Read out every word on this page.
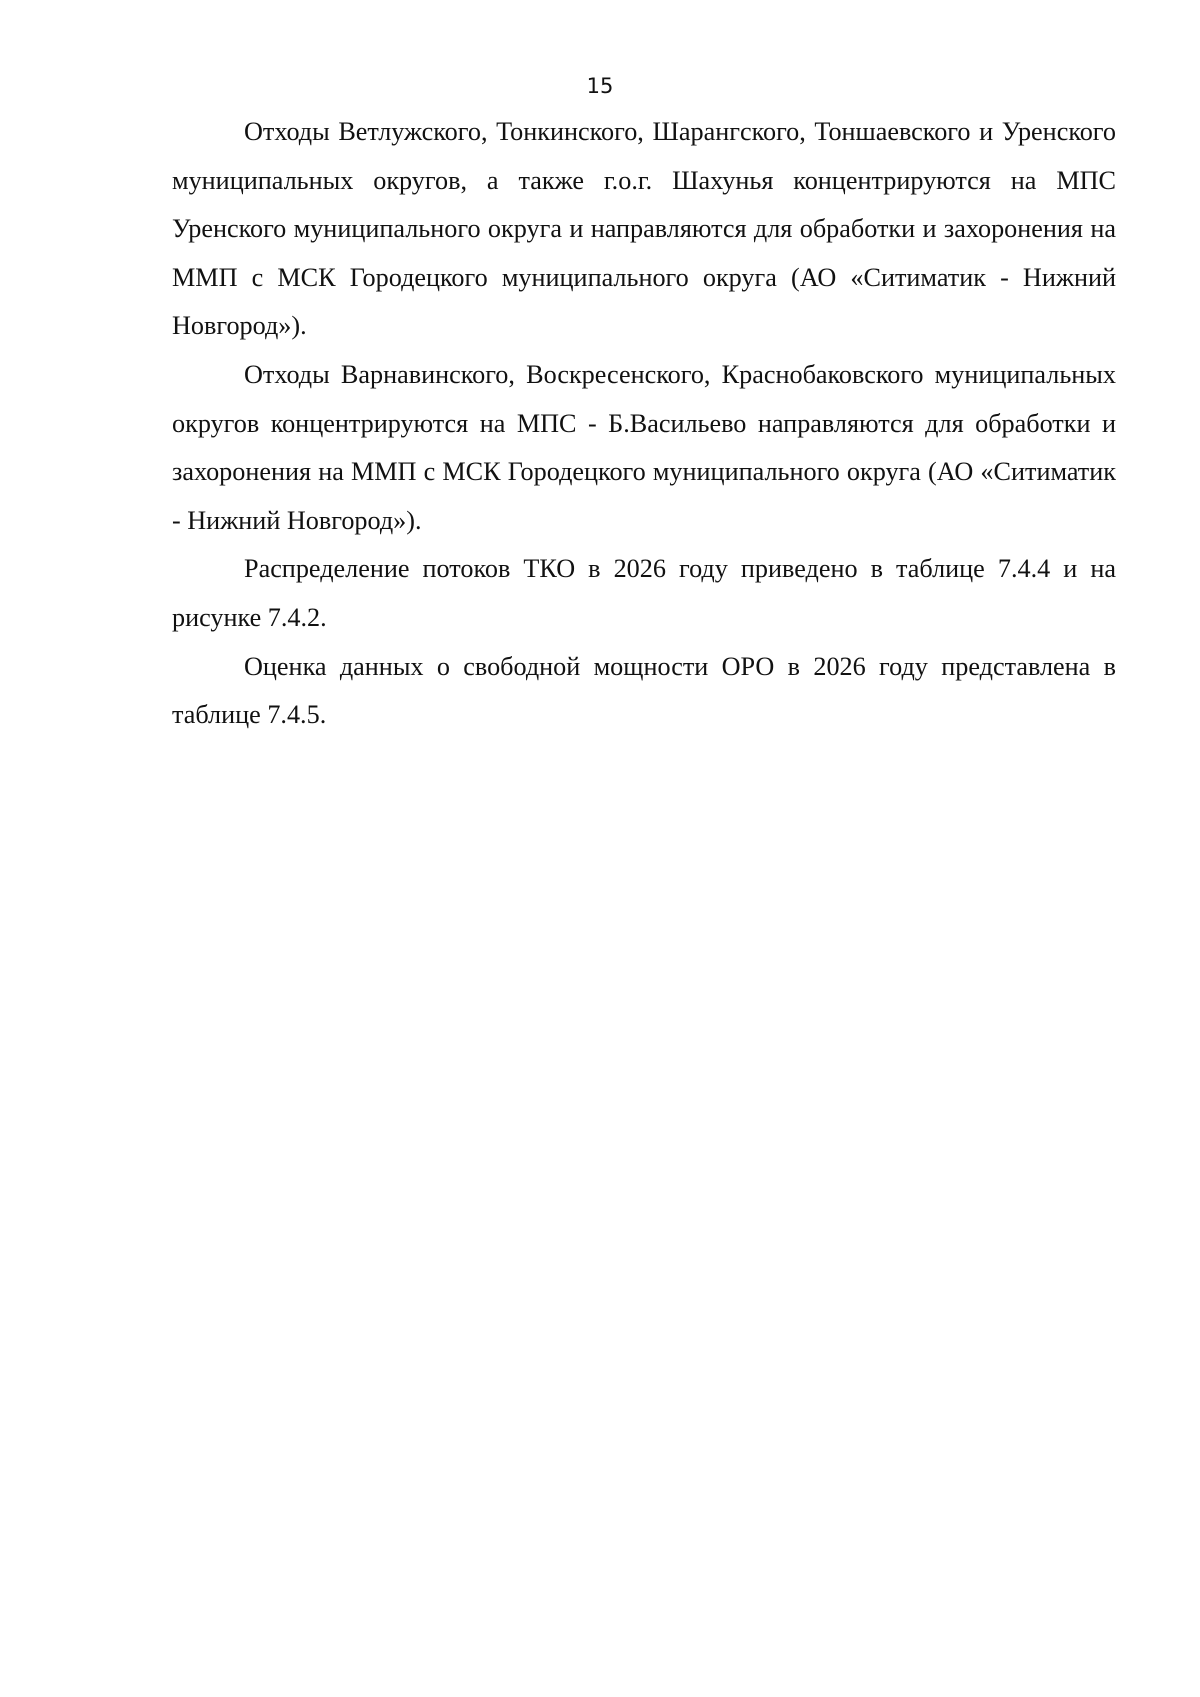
15

Отходы Ветлужского, Тонкинского, Шарангского, Тоншаевского и Уренского муниципальных округов, а также г.о.г. Шахунья концентрируются на МПС Уренского муниципального округа и направляются для обработки и захоронения на ММП с МСК Городецкого муниципального округа (АО «Ситиматик - Нижний Новгород»).

Отходы Варнавинского, Воскресенского, Краснобаковского муниципальных округов концентрируются на МПС - Б.Васильево направляются для обработки и захоронения на ММП с МСК Городецкого муниципального округа (АО «Ситиматик - Нижний Новгород»).

Распределение потоков ТКО в 2026 году приведено в таблице 7.4.4 и на рисунке 7.4.2.

Оценка данных о свободной мощности ОРО в 2026 году представлена в таблице 7.4.5.
